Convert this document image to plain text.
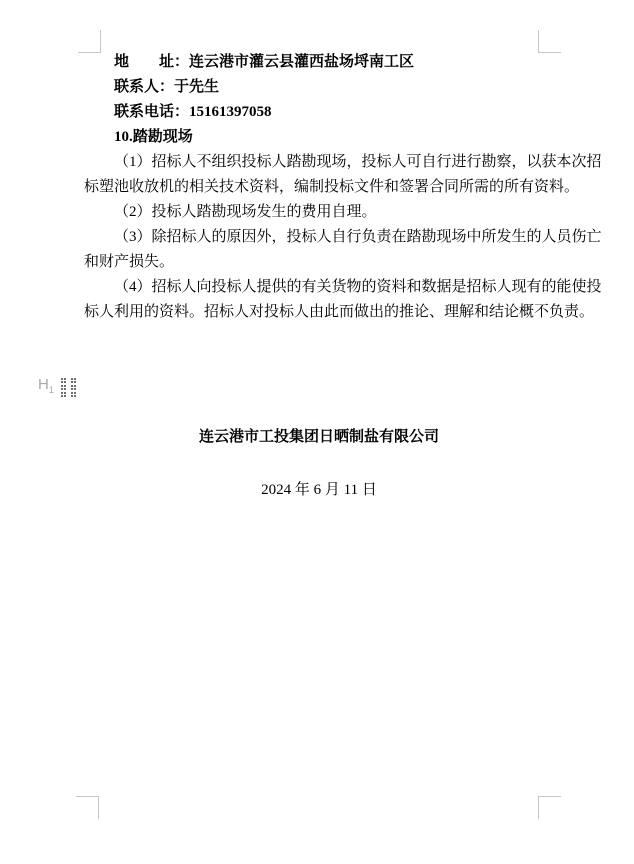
$H_1$
地　　址：连云港市灌云县灌西盐场埒南工区
联系人：于先生
联系电话：15161397058
10.踏勘现场
（1）招标人不组织投标人踏勘现场，投标人可自行进行勘察，以获本次招
标塑池收放机的相关技术资料，编制投标文件和签署合同所需的所有资料。
（2）投标人踏勘现场发生的费用自理。
（3）除招标人的原因外，投标人自行负责在踏勘现场中所发生的人员伤亡
和财产损失。
（4）招标人向投标人提供的有关货物的资料和数据是招标人现有的能使投
标人利用的资料。招标人对投标人由此而做出的推论、理解和结论概不负责。
连云港市工投集团日晒制盐有限公司
2024 年 6 月 11 日
